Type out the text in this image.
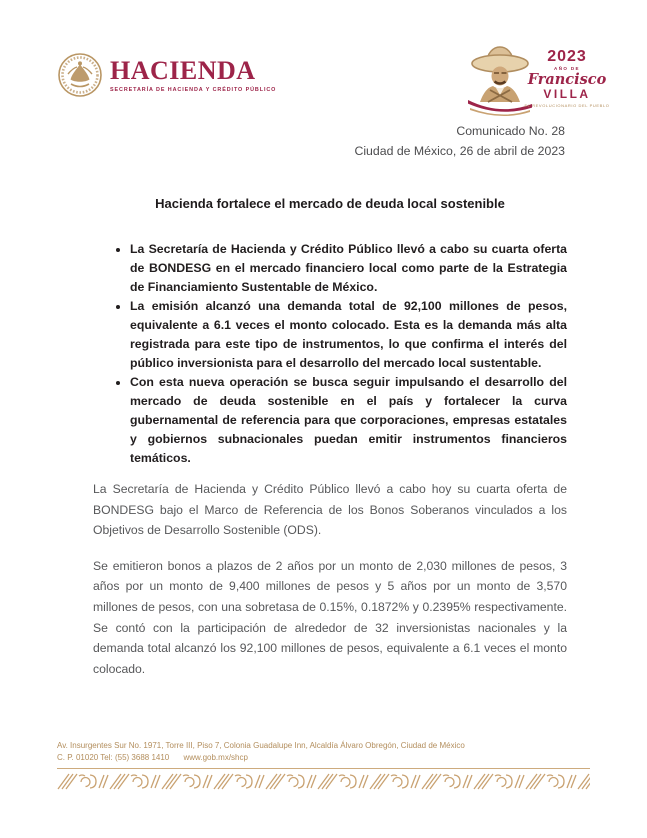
HACIENDA
SECRETARÍA DE HACIENDA Y CRÉDITO PÚBLICO
2023
AÑO DE
Francisco
VILLA
EL REVOLUCIONARIO DEL PUEBLO
Comunicado No. 28
Ciudad de México, 26 de abril de 2023
Hacienda fortalece el mercado de deuda local sostenible
• La Secretaría de Hacienda y Crédito Público llevó a cabo su cuarta oferta de BONDESG en el mercado financiero local como parte de la Estrategia de Financiamiento Sustentable de México.
• La emisión alcanzó una demanda total de 92,100 millones de pesos, equivalente a 6.1 veces el monto colocado. Esta es la demanda más alta registrada para este tipo de instrumentos, lo que confirma el interés del público inversionista para el desarrollo del mercado local sustentable.
• Con esta nueva operación se busca seguir impulsando el desarrollo del mercado de deuda sostenible en el país y fortalecer la curva gubernamental de referencia para que corporaciones, empresas estatales y gobiernos subnacionales puedan emitir instrumentos financieros temáticos.

La Secretaría de Hacienda y Crédito Público llevó a cabo hoy su cuarta oferta de BONDESG bajo el Marco de Referencia de los Bonos Soberanos vinculados a los Objetivos de Desarrollo Sostenible (ODS).

Se emitieron bonos a plazos de 2 años por un monto de 2,030 millones de pesos, 3 años por un monto de 9,400 millones de pesos y 5 años por un monto de 3,570 millones de pesos, con una sobretasa de 0.15%, 0.1872% y 0.2395% respectivamente. Se contó con la participación de alrededor de 32 inversionistas nacionales y la demanda total alcanzó los 92,100 millones de pesos, equivalente a 6.1 veces el monto colocado.

Av. Insurgentes Sur No. 1971, Torre III, Piso 7, Colonia Guadalupe Inn, Alcaldía Álvaro Obregón, Ciudad de México
C. P. 01020 Tel: (55) 3688 1410 www.gob.mx/shcp
